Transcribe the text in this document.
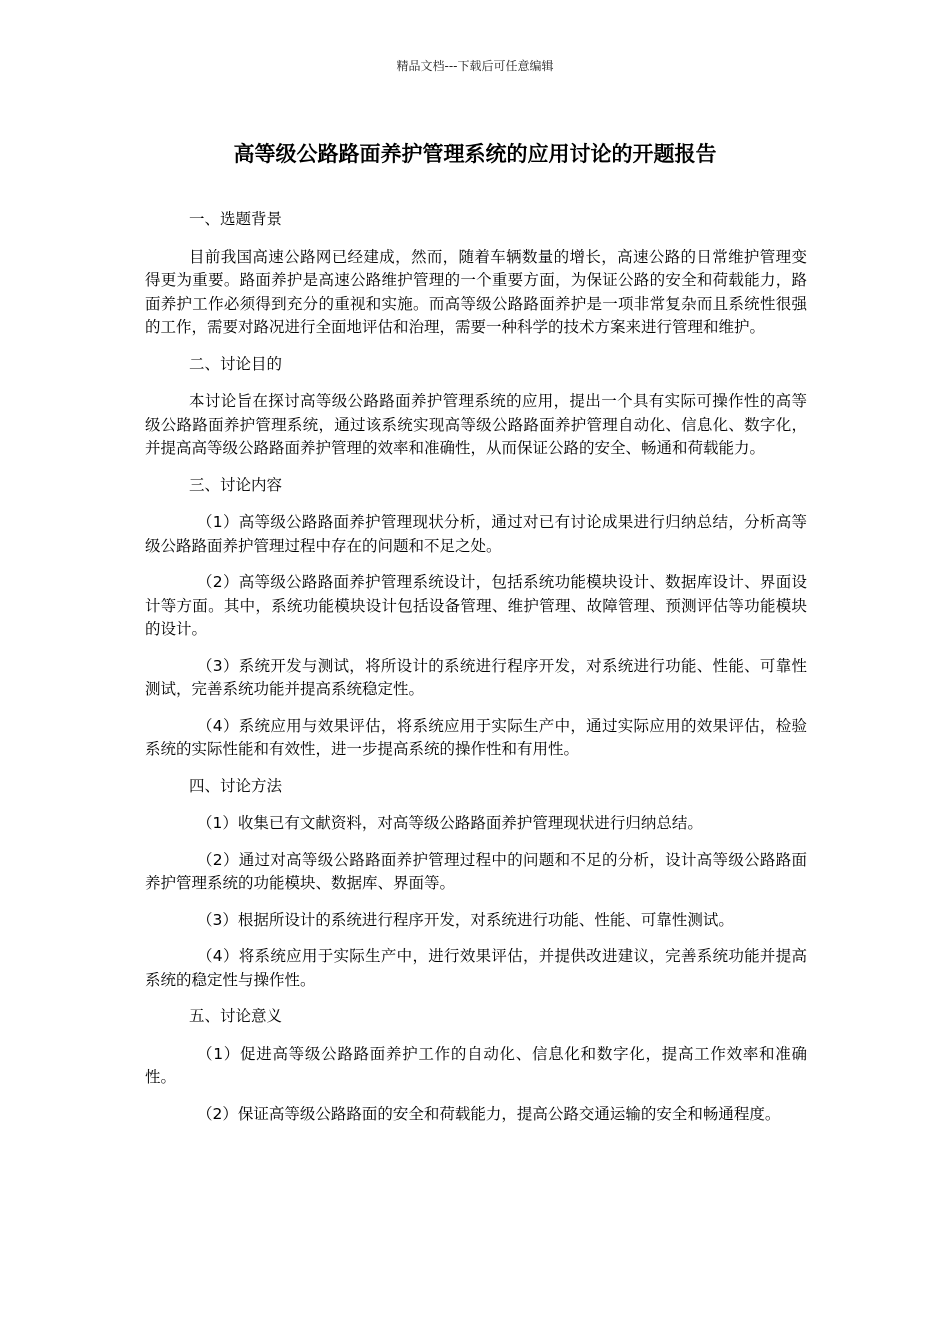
精品文档---下载后可任意编辑
高等级公路路面养护管理系统的应用讨论的开题报告
一、选题背景

目前我国高速公路网已经建成，然而，随着车辆数量的增长，高速公路的日常维护管理变得更为重要。路面养护是高速公路维护管理的一个重要方面，为保证公路的安全和荷载能力，路面养护工作必须得到充分的重视和实施。而高等级公路路面养护是一项非常复杂而且系统性很强的工作，需要对路况进行全面地评估和治理，需要一种科学的技术方案来进行管理和维护。

二、讨论目的

本讨论旨在探讨高等级公路路面养护管理系统的应用，提出一个具有实际可操作性的高等级公路路面养护管理系统，通过该系统实现高等级公路路面养护管理自动化、信息化、数字化，并提高高等级公路路面养护管理的效率和准确性，从而保证公路的安全、畅通和荷载能力。

三、讨论内容

（1）高等级公路路面养护管理现状分析，通过对已有讨论成果进行归纳总结，分析高等级公路路面养护管理过程中存在的问题和不足之处。

（2）高等级公路路面养护管理系统设计，包括系统功能模块设计、数据库设计、界面设计等方面。其中，系统功能模块设计包括设备管理、维护管理、故障管理、预测评估等功能模块的设计。

（3）系统开发与测试，将所设计的系统进行程序开发，对系统进行功能、性能、可靠性测试，完善系统功能并提高系统稳定性。

（4）系统应用与效果评估，将系统应用于实际生产中，通过实际应用的效果评估，检验系统的实际性能和有效性，进一步提高系统的操作性和有用性。

四、讨论方法

（1）收集已有文献资料，对高等级公路路面养护管理现状进行归纳总结。

（2）通过对高等级公路路面养护管理过程中的问题和不足的分析，设计高等级公路路面养护管理系统的功能模块、数据库、界面等。

（3）根据所设计的系统进行程序开发，对系统进行功能、性能、可靠性测试。

（4）将系统应用于实际生产中，进行效果评估，并提供改进建议，完善系统功能并提高系统的稳定性与操作性。

五、讨论意义

（1）促进高等级公路路面养护工作的自动化、信息化和数字化，提高工作效率和准确性。

（2）保证高等级公路路面的安全和荷载能力，提高公路交通运输的安全和畅通程度。
